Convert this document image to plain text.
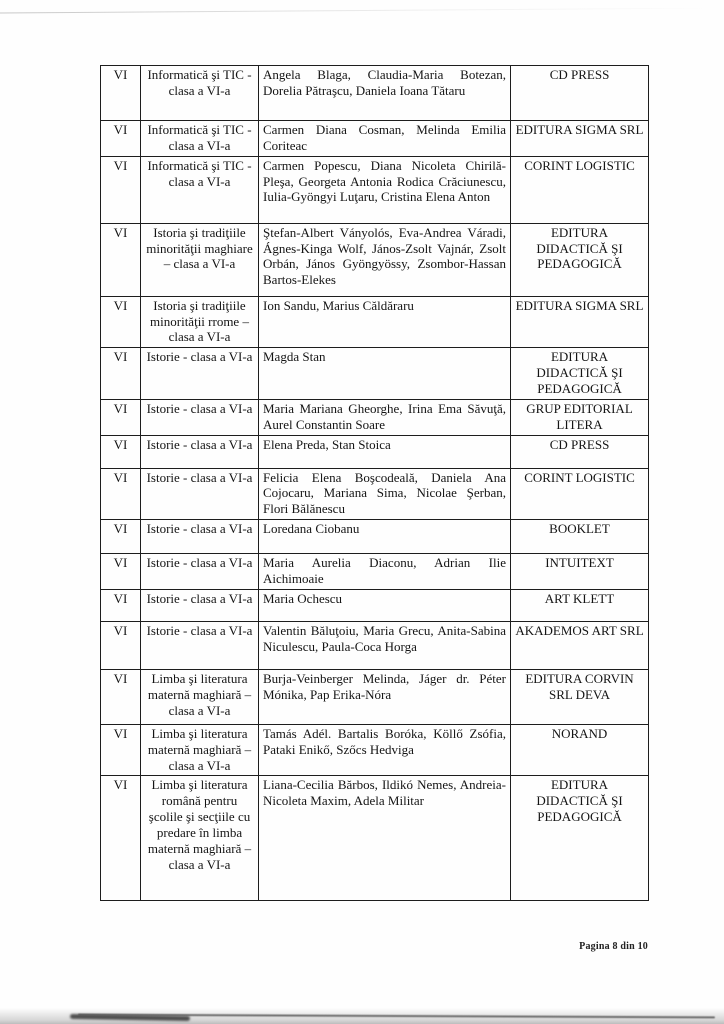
VI	Informatică şi TIC - clasa a VI-a	Angela Blaga, Claudia-Maria Botezan, Dorelia Pătraşcu, Daniela Ioana Tătaru	CD PRESS
VI	Informatică şi TIC - clasa a VI-a	Carmen Diana Cosman, Melinda Emilia Coriteac	EDITURA SIGMA SRL
VI	Informatică şi TIC - clasa a VI-a	Carmen Popescu, Diana Nicoleta Chirilă-Pleşa, Georgeta Antonia Rodica Crăciunescu, Iulia-Gyöngyi Luţaru, Cristina Elena Anton	CORINT LOGISTIC
VI	Istoria şi tradiţiile minorităţii maghiare – clasa a VI-a	Ştefan-Albert Ványolós, Eva-Andrea Váradi, Ágnes-Kinga Wolf, János-Zsolt Vajnár, Zsolt Orbán, János Gyöngyössy, Zsombor-Hassan Bartos-Elekes	EDITURA DIDACTICĂ ŞI PEDAGOGICĂ
VI	Istoria şi tradiţiile minorităţii rrome – clasa a VI-a	Ion Sandu, Marius Căldăraru	EDITURA SIGMA SRL
VI	Istorie - clasa a VI-a	Magda Stan	EDITURA DIDACTICĂ ŞI PEDAGOGICĂ
VI	Istorie - clasa a VI-a	Maria Mariana Gheorghe, Irina Ema Săvuţă, Aurel Constantin Soare	GRUP EDITORIAL LITERA
VI	Istorie - clasa a VI-a	Elena Preda, Stan Stoica	CD PRESS
VI	Istorie - clasa a VI-a	Felicia Elena Boşcodeală, Daniela Ana Cojocaru, Mariana Sima, Nicolae Şerban, Flori Bălănescu	CORINT LOGISTIC
VI	Istorie - clasa a VI-a	Loredana Ciobanu	BOOKLET
VI	Istorie - clasa a VI-a	Maria Aurelia Diaconu, Adrian Ilie Aichimoaie	INTUITEXT
VI	Istorie - clasa a VI-a	Maria Ochescu	ART KLETT
VI	Istorie - clasa a VI-a	Valentin Băluţoiu, Maria Grecu, Anita-Sabina Niculescu, Paula-Coca Horga	AKADEMOS ART SRL
VI	Limba şi literatura maternă maghiară – clasa a VI-a	Burja-Veinberger Melinda, Jáger dr. Péter Mónika, Pap Erika-Nóra	EDITURA CORVIN SRL DEVA
VI	Limba şi literatura maternă maghiară – clasa a VI-a	Tamás Adél. Bartalis Boróka, Köllő Zsófia, Pataki Enikő, Szőcs Hedviga	NORAND
VI	Limba şi literatura română pentru şcolile şi secţiile cu predare în limba maternă maghiară – clasa a VI-a	Liana-Cecilia Bărbos, Ildikó Nemes, Andreia-Nicoleta Maxim, Adela Militar	EDITURA DIDACTICĂ ŞI PEDAGOGICĂ
Pagina 8 din 10
